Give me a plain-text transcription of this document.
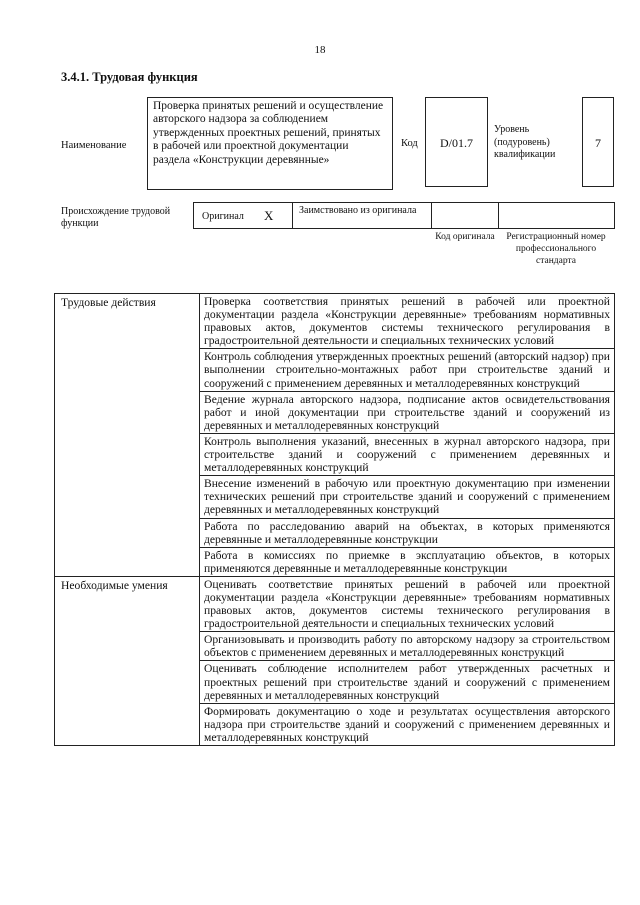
18
3.4.1. Трудовая функция
Наименование
Проверка принятых решений и осуществление авторского надзора за соблюдением утвержденных проектных решений, принятых в рабочей или проектной документации раздела «Конструкции деревянные»
Код	D/01.7
Уровень (подуровень) квалификации
7
Происхождение трудовой функции
Оригинал X	Заимствовано из оригинала
Код оригинала	Регистрационный номер профессионального стандарта
Трудовые действия	Проверка соответствия принятых решений в рабочей или проектной документации раздела «Конструкции деревянные» требованиям нормативных правовых актов, документов системы технического регулирования в градостроительной деятельности и специальных технических условий
	Контроль соблюдения утвержденных проектных решений (авторский надзор) при выполнении строительно-монтажных работ при строительстве зданий и сооружений с применением деревянных и металлодеревянных конструкций
	Ведение журнала авторского надзора, подписание актов освидетельствования работ и иной документации при строительстве зданий и сооружений из деревянных и металлодеревянных конструкций
	Контроль выполнения указаний, внесенных в журнал авторского надзора, при строительстве зданий и сооружений с применением деревянных и металлодеревянных конструкций
	Внесение изменений в рабочую или проектную документацию при изменении технических решений при строительстве зданий и сооружений с применением деревянных и металлодеревянных конструкций
	Работа по расследованию аварий на объектах, в которых применяются деревянные и металлодеревянные конструкции
	Работа в комиссиях по приемке в эксплуатацию объектов, в которых применяются деревянные и металлодеревянные конструкции
Необходимые умения	Оценивать соответствие принятых решений в рабочей или проектной документации раздела «Конструкции деревянные» требованиям нормативных правовых актов, документов системы технического регулирования в градостроительной деятельности и специальных технических условий
	Организовывать и производить работу по авторскому надзору за строительством объектов с применением деревянных и металлодеревянных конструкций
	Оценивать соблюдение исполнителем работ утвержденных расчетных и проектных решений при строительстве зданий и сооружений с применением деревянных и металлодеревянных конструкций
	Формировать документацию о ходе и результатах осуществления авторского надзора при строительстве зданий и сооружений с применением деревянных и металлодеревянных конструкций
